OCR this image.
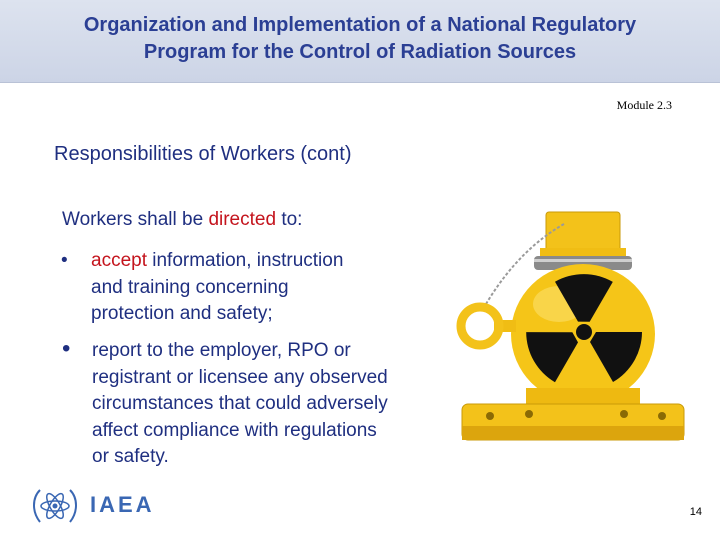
Organization and Implementation of a National Regulatory
Program for the Control of Radiation Sources
Module 2.3
Responsibilities of Workers (cont)
Workers shall be directed to:
•	accept information, instruction
and training concerning
protection and safety;
•	report to the employer, RPO or
registrant or licensee any observed
circumstances that could adversely
affect compliance with regulations
or safety.
IAEA	14
